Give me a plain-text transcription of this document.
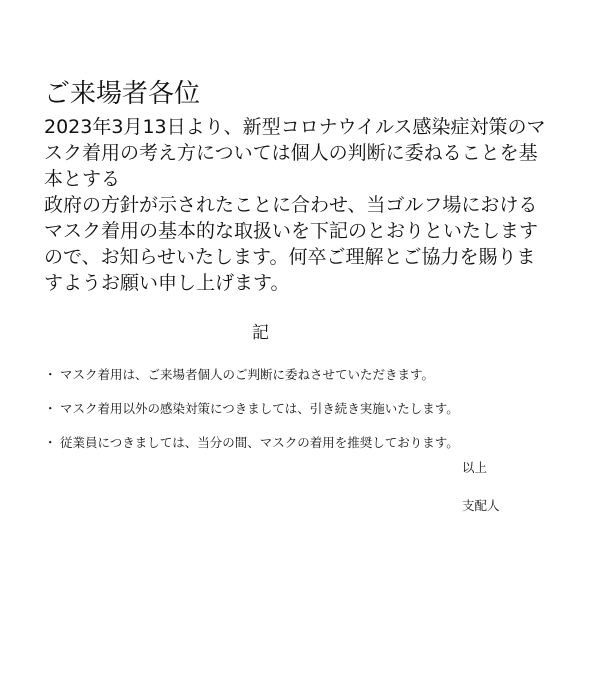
ご来場者各位
2023年3月13日より、新型コロナウイルス感染症対策のマ
スク着用の考え方については個人の判断に委ねることを基
本とする
政府の方針が示されたことに合わせ、当ゴルフ場における
マスク着用の基本的な取扱いを下記のとおりといたします
ので、お知らせいたします。何卒ご理解とご協力を賜りま
すようお願い申し上げます。
記
・ マスク着用は、ご来場者個人のご判断に委ねさせていただきます。
・ マスク着用以外の感染対策につきましては、引き続き実施いたします。
・ 従業員につきましては、当分の間、マスクの着用を推奨しております。
以上
支配人
